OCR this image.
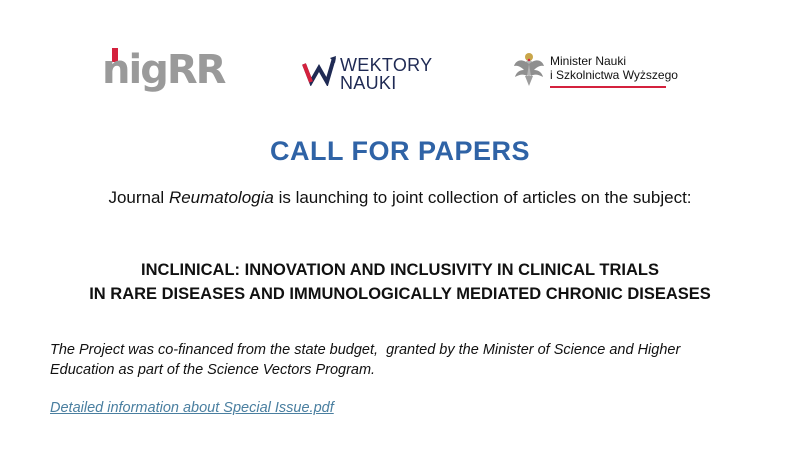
nigRR	WEKTORY
NAUKI
Minister Nauki
i Szkolnictwa Wyższego
CALL FOR PAPERS

Journal Reumatologia is launching to joint collection of articles on the subject:

INCLINICAL: INNOVATION AND INCLUSIVITY IN CLINICAL TRIALS
IN RARE DISEASES AND IMMUNOLOGICALLY MEDIATED CHRONIC DISEASES
The Project was co-financed from the state budget,  granted by the Minister of Science and Higher
Education as part of the Science Vectors Program.
Detailed information about Special Issue.pdf
